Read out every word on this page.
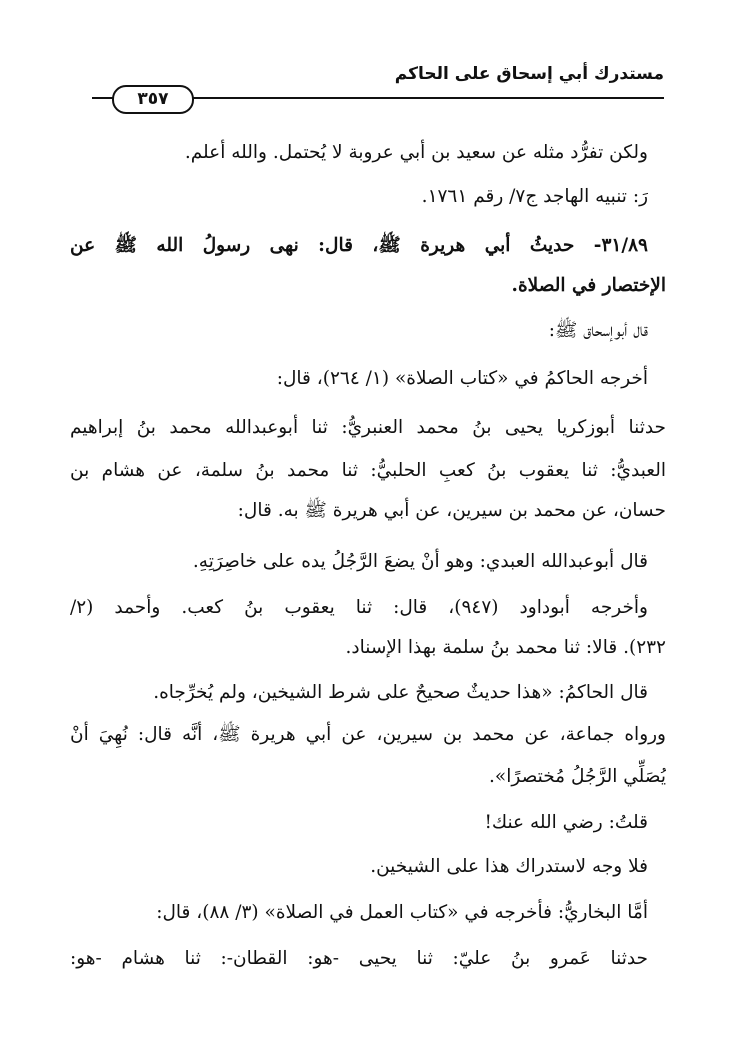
مستدرك أبي إسحاق على الحاكم
٣٥٧
ولكن تفرُّد مثله عن سعيد بن أبي عروبة لا يُحتمل. والله أعلم.
رَ: تنبيه الهاجد ج٧/ رقم ١٧٦١.
٣١/٨٩- حديثُ أبي هريرة ﷺ، قال: نهى رسولُ الله ﷺ عن
الإختصار في الصلاة.
قال أبوإسحاق ﷺ:
أخرجه الحاكمُ في «كتاب الصلاة» (١/ ٢٦٤)، قال:
حدثنا أبوزكريا يحيى بنُ محمد العنبريُّ: ثنا أبوعبدالله محمد بنُ إبراهيم
العبديُّ: ثنا يعقوب بنُ كعبِ الحلبيُّ: ثنا محمد بنُ سلمة، عن هشام بن
حسان، عن محمد بن سيرين، عن أبي هريرة ﷺ به. قال:
قال أبوعبدالله العبدي: وهو أنْ يضعَ الرَّجُلُ يده على خاصِرَتِهِ.
وأخرجه أبوداود (٩٤٧)، قال: ثنا يعقوب بنُ كعب. وأحمد (٢/
٢٣٢). قالا: ثنا محمد بنُ سلمة بهذا الإسناد.
قال الحاكمُ: «هذا حديثٌ صحيحٌ على شرط الشيخين، ولم يُخرِّجاه.
ورواه جماعة، عن محمد بن سيرين، عن أبي هريرة ﷺ، أنَّه قال: نُهِيَ أنْ
يُصَلِّي الرَّجُلُ مُختصرًا».
قلتُ: رضي الله عنك!
فلا وجه لاستدراك هذا على الشيخين.
أمَّا البخاريُّ: فأخرجه في «كتاب العمل في الصلاة» (٣/ ٨٨)، قال:
حدثنا عَمرو بنُ عليّ: ثنا يحيى -هو: القطان-: ثنا هشام -هو:
